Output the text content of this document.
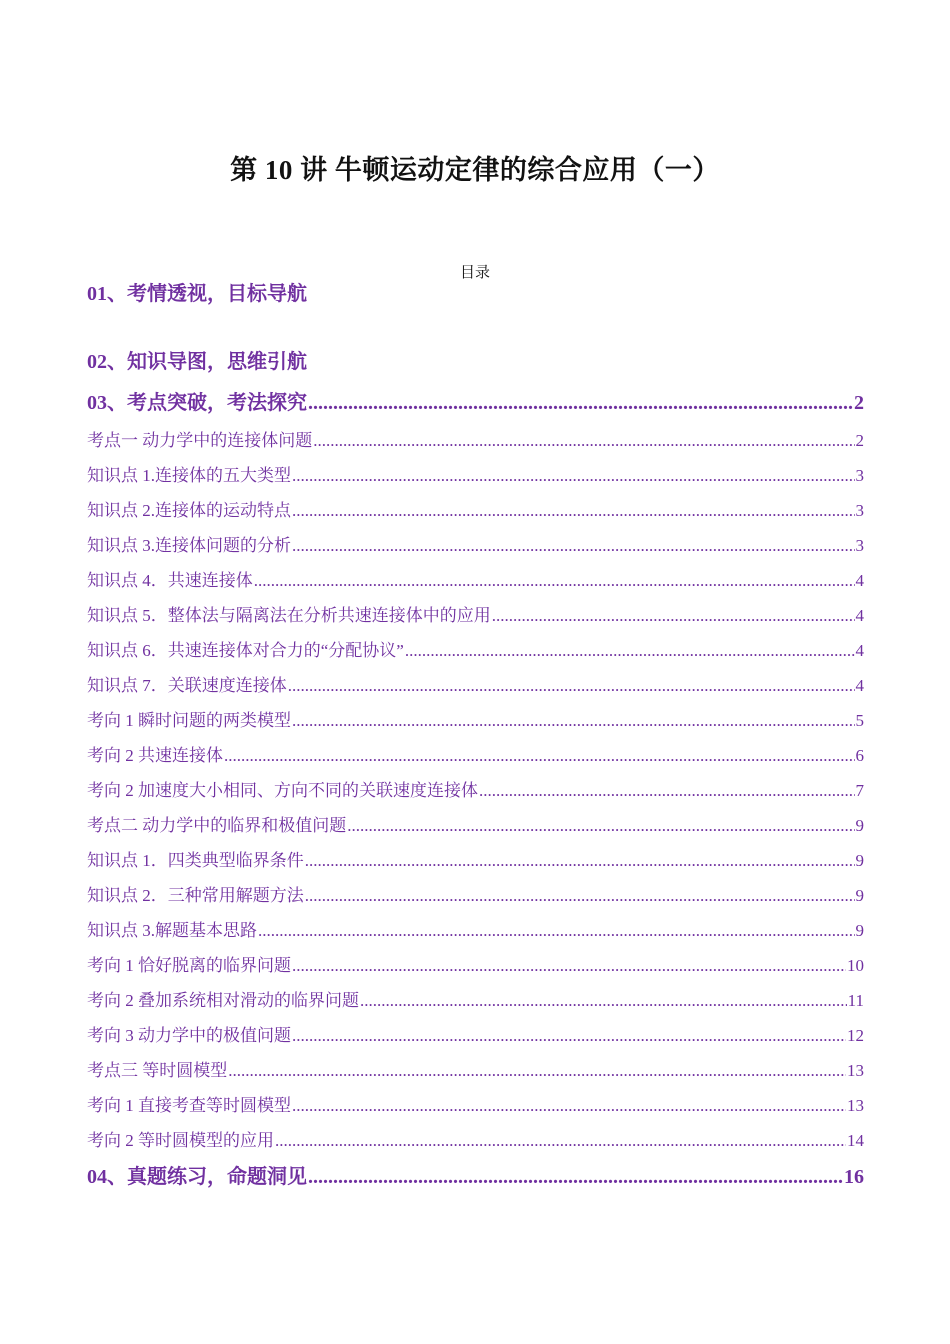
第 10 讲 牛顿运动定律的综合应用（一）
目录
01、考情透视，目标导航
02、知识导图，思维引航
03、考点突破，考法探究 .....	2
考点一 动力学中的连接体问题 .....	2
知识点 1.连接体的五大类型 .....	3
知识点 2.连接体的运动特点 .....	3
知识点 3.连接体问题的分析 .....	3
知识点 4．共速连接体 .....	4
知识点 5．整体法与隔离法在分析共速连接体中的应用 .....	4
知识点 6．共速连接体对合力的“分配协议” .....	4
知识点 7．关联速度连接体 .....	4
考向 1 瞬时问题的两类模型 .....	5
考向 2 共速连接体 .....	6
考向 2 加速度大小相同、方向不同的关联速度连接体 .....	7
考点二 动力学中的临界和极值问题 .....	9
知识点 1．四类典型临界条件 .....	9
知识点 2．三种常用解题方法 .....	9
知识点 3.解题基本思路 .....	9
考向 1 恰好脱离的临界问题 .....	10
考向 2 叠加系统相对滑动的临界问题 .....	11
考向 3 动力学中的极值问题 .....	12
考点三 等时圆模型 .....	13
考向 1 直接考查等时圆模型 .....	13
考向 2 等时圆模型的应用 .....	14
04、真题练习，命题洞见 .....	16
